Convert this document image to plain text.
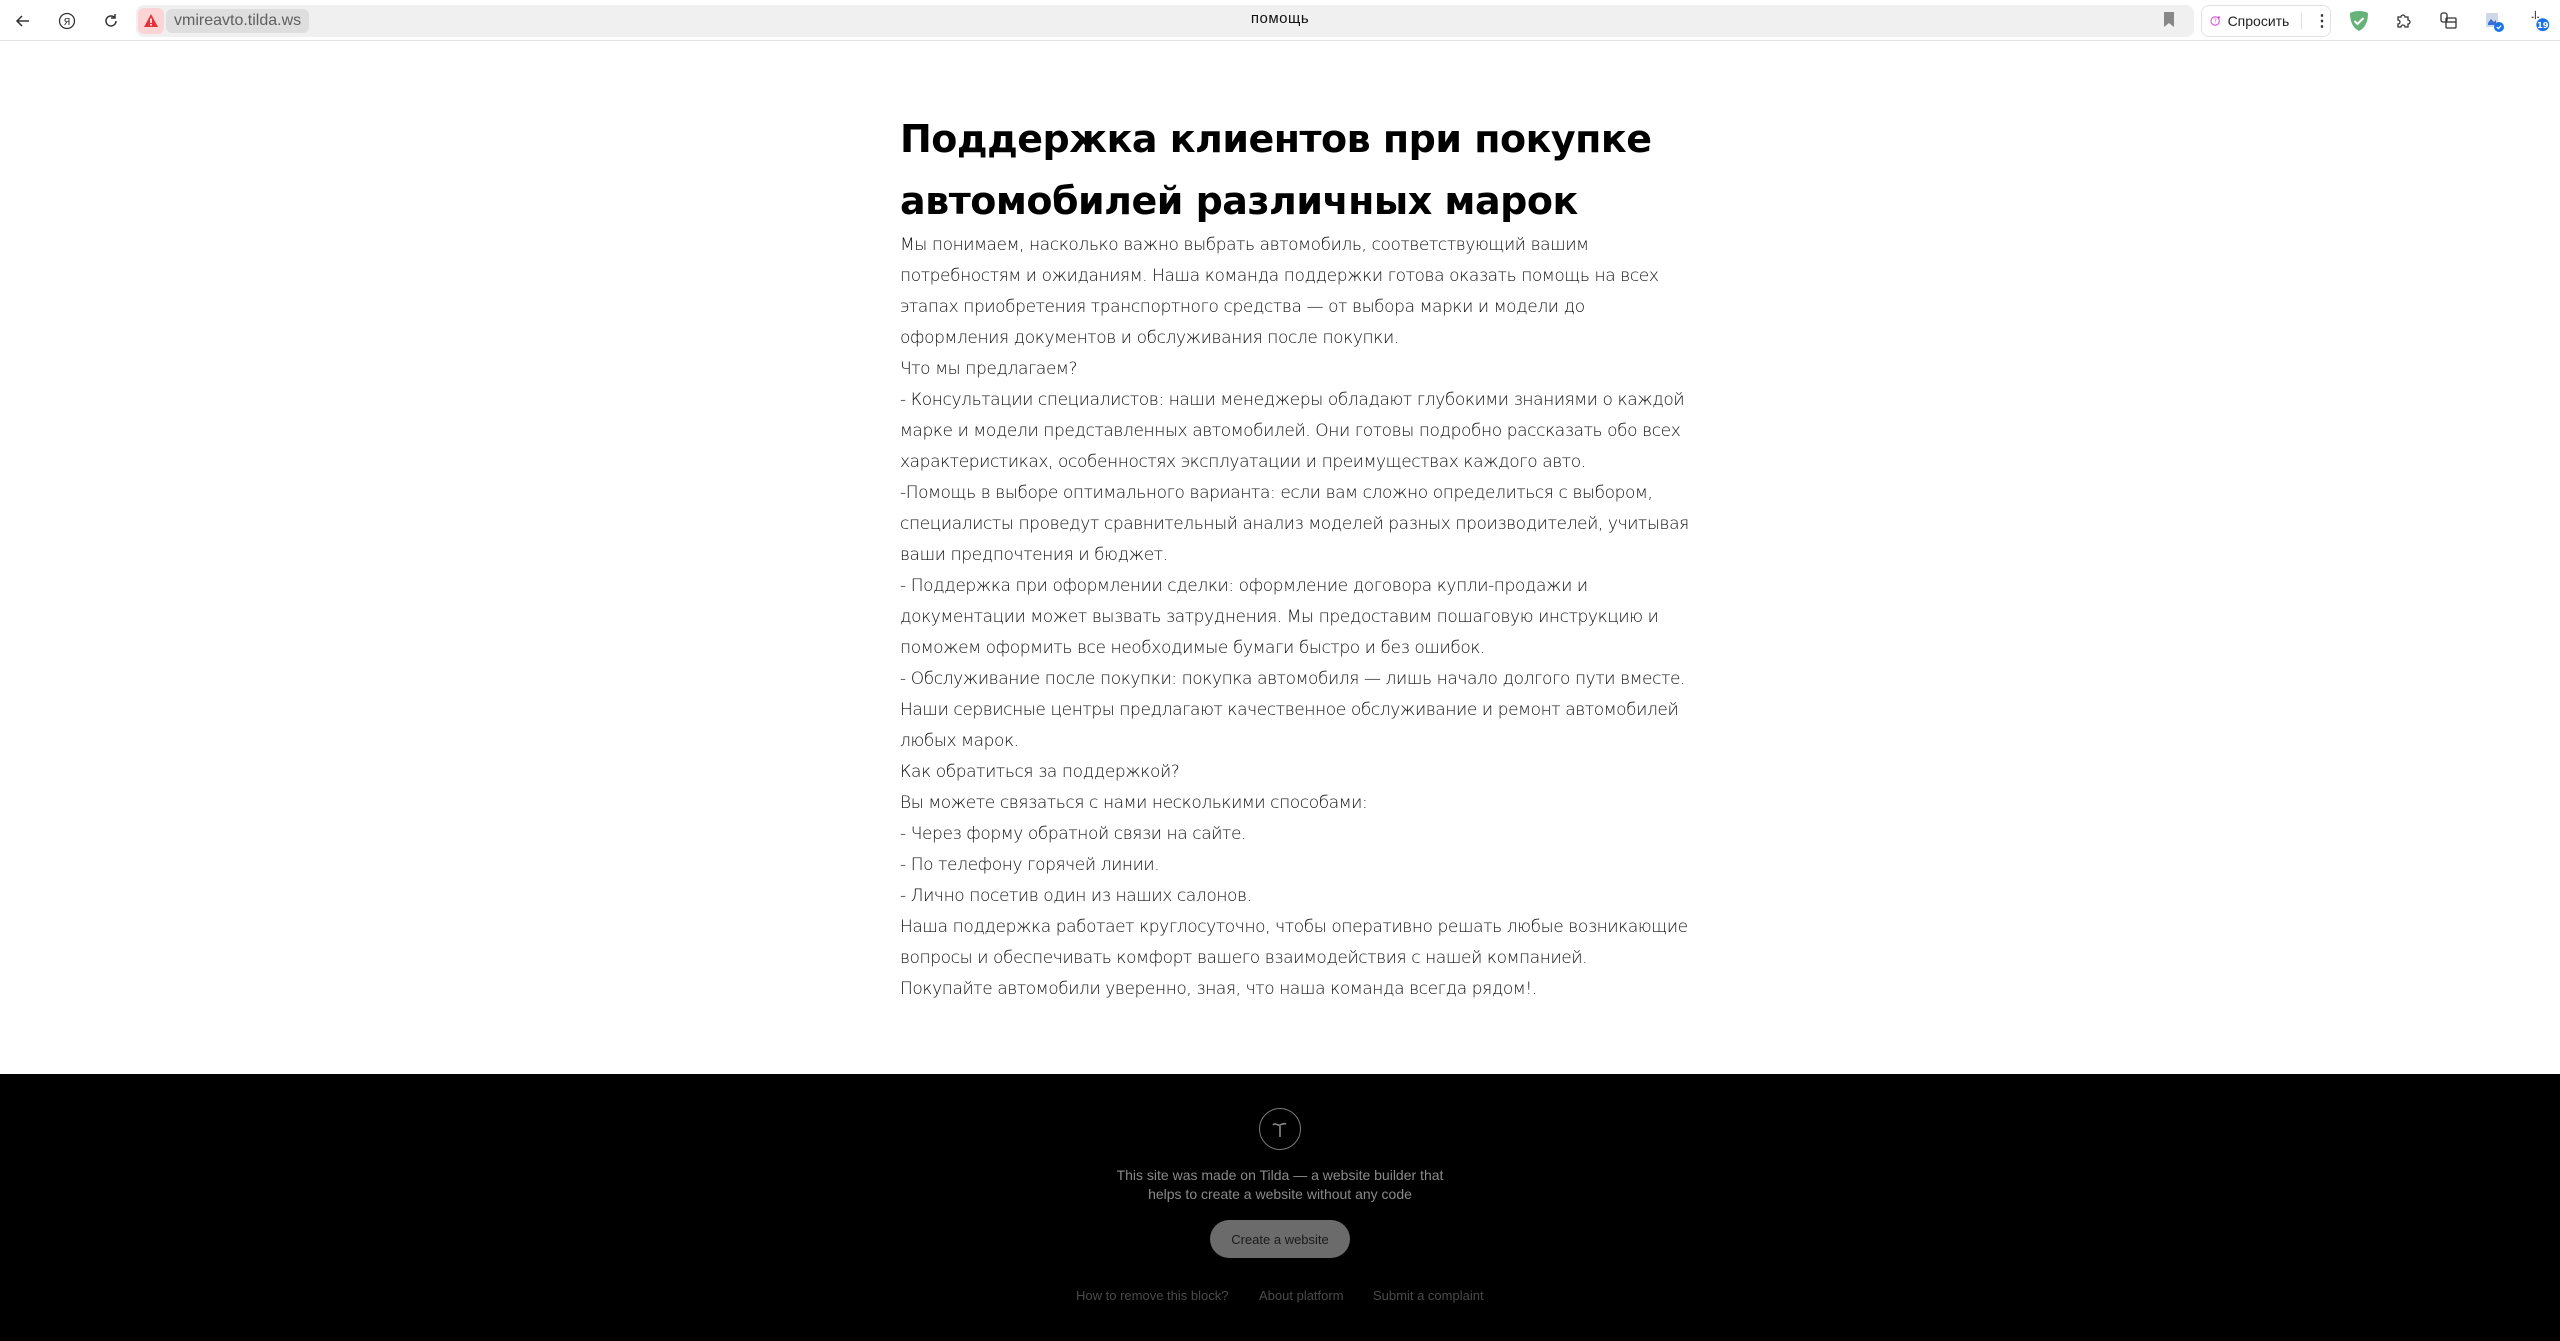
Я	vmireavto.tilda.ws	помощь	? Спросить ⋮	19
Поддержка клиентов при покупке
автомобилей различных марок

Мы понимаем, насколько важно выбрать автомобиль, соответствующий вашим

потребностям и ожиданиям. Наша команда поддержки готова оказать помощь на всех

этапах приобретения транспортного средства — от выбора марки и модели до

оформления документов и обслуживания после покупки.

Что мы предлагаем?

- Консультации специалистов: наши менеджеры обладают глубокими знаниями о каждой

марке и модели представленных автомобилей. Они готовы подробно рассказать обо всех

характеристиках, особенностях эксплуатации и преимуществах каждого авто.

-Помощь в выборе оптимального варианта: если вам сложно определиться с выбором,

специалисты проведут сравнительный анализ моделей разных производителей, учитывая

ваши предпочтения и бюджет.

- Поддержка при оформлении сделки: оформление договора купли-продажи и

документации может вызвать затруднения. Мы предоставим пошаговую инструкцию и

поможем оформить все необходимые бумаги быстро и без ошибок.

- Обслуживание после покупки: покупка автомобиля — лишь начало долгого пути вместе.

Наши сервисные центры предлагают качественное обслуживание и ремонт автомобилей

любых марок.

Как обратиться за поддержкой?

Вы можете связаться с нами несколькими способами:

- Через форму обратной связи на сайте.

- По телефону горячей линии.

- Лично посетив один из наших салонов.

Наша поддержка работает круглосуточно, чтобы оперативно решать любые возникающие

вопросы и обеспечивать комфорт вашего взаимодействия с нашей компанией.

Покупайте автомобили уверенно, зная, что наша команда всегда рядом!.

This site was made on Tilda — a website builder that
helps to create a website without any code
Create a website
How to remove this block? About platform Submit a complaint
